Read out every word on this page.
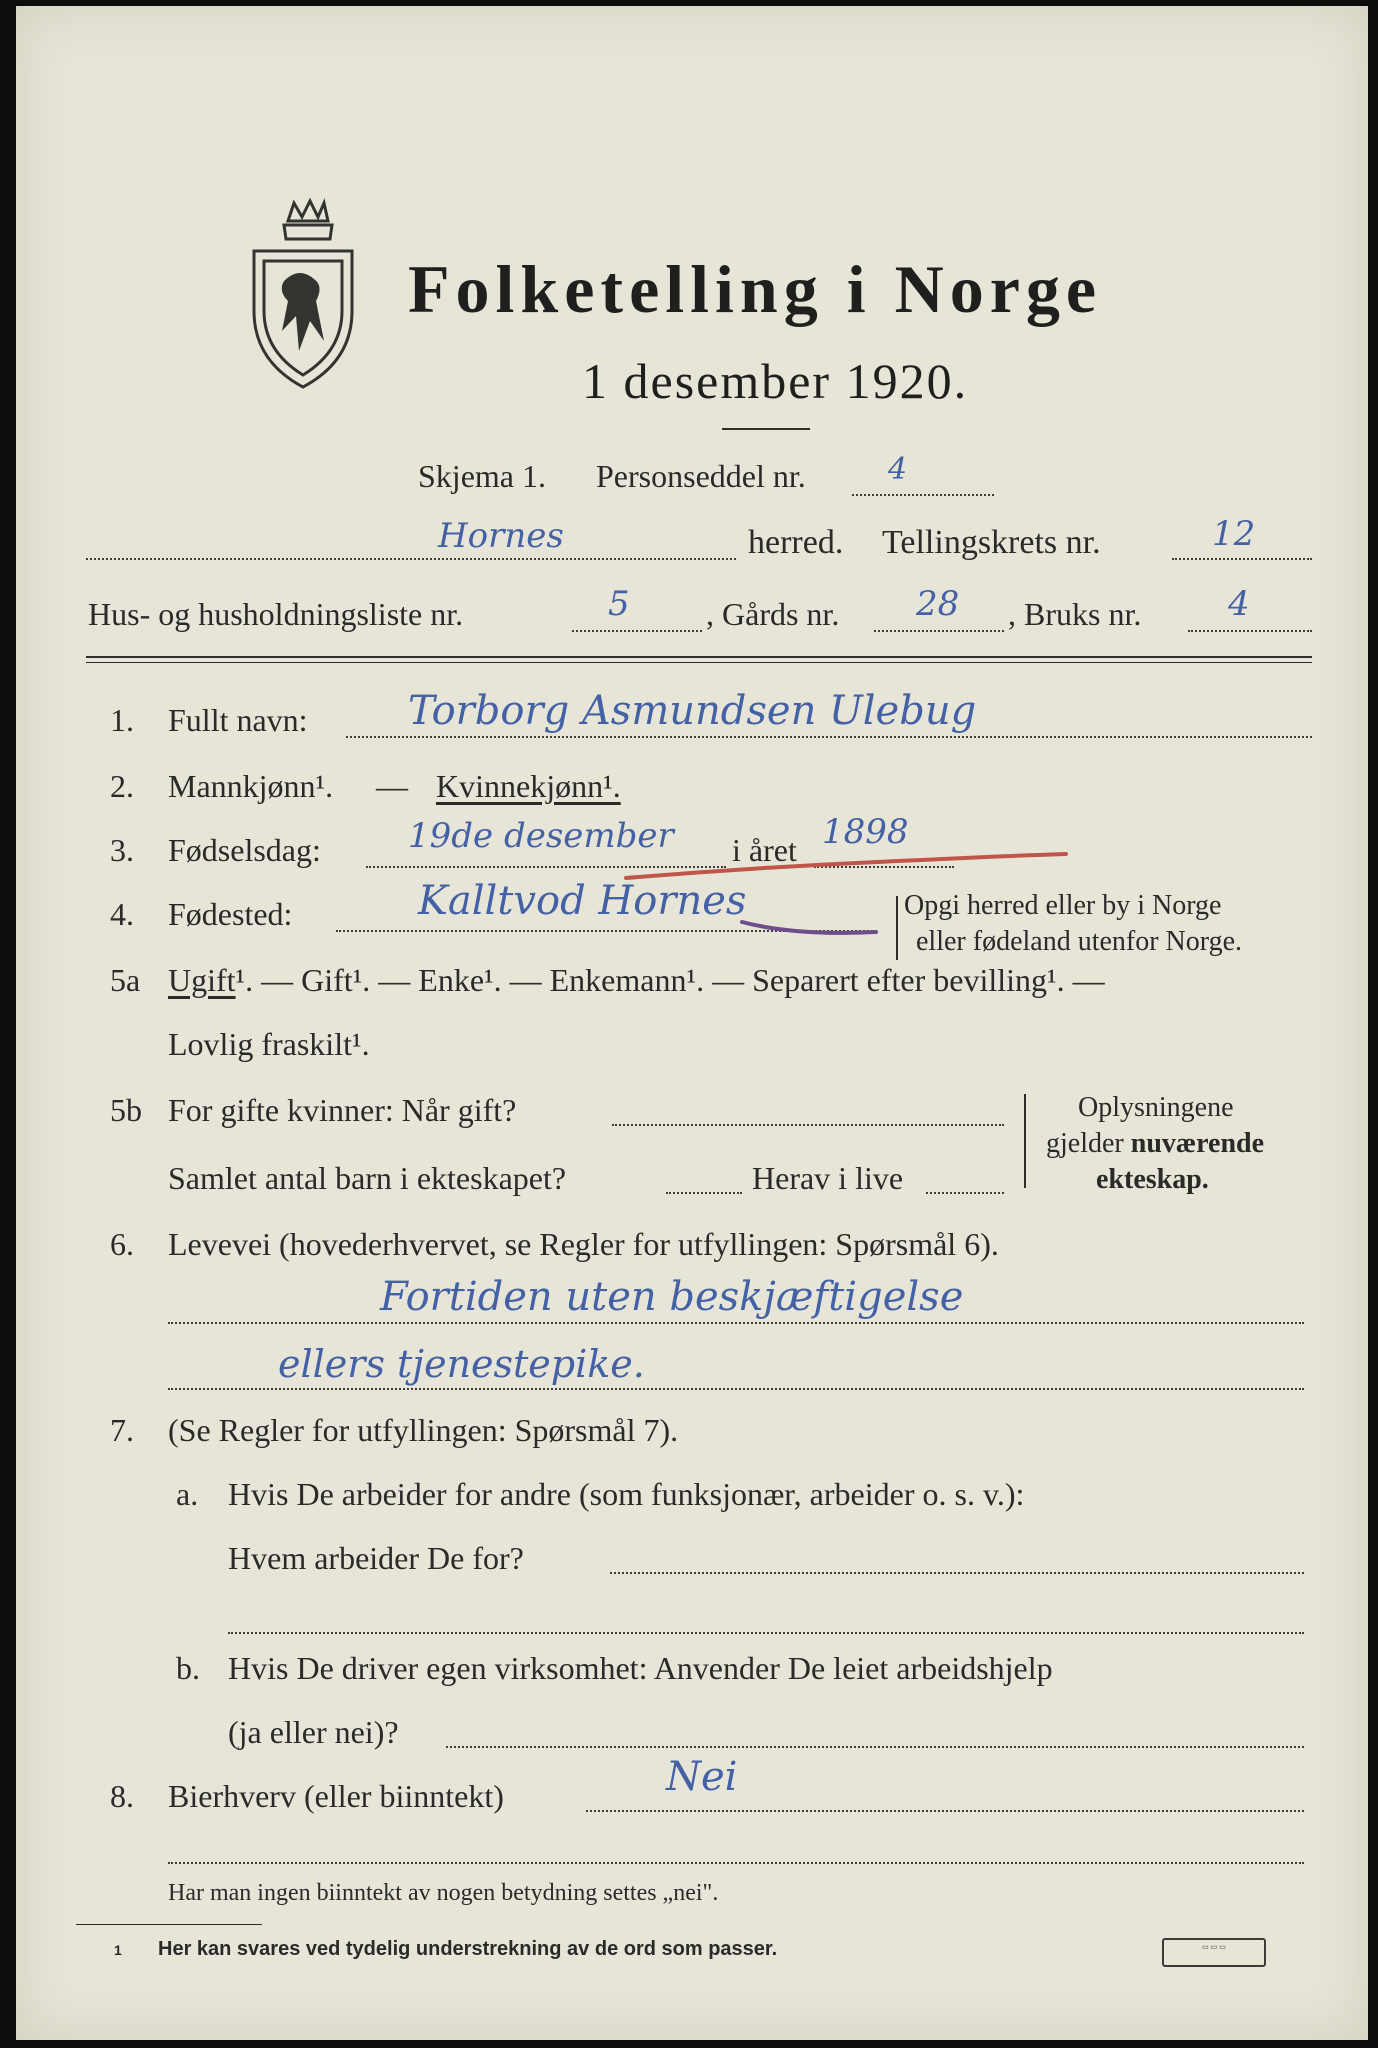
Folketelling i Norge
1 desember 1920.
Skjema 1. Personseddel nr.	4
Hornes	herred. Tellingskrets nr.	12
Hus- og husholdningsliste nr.	5 , Gårds nr. 28 , Bruks nr.	4
1. Fullt navn:	Torborg Asmundsen Ulebug
2. Mannkjønn¹. — Kvinnekjønn¹.
3. Fødselsdag:	19de desember i året 1898
4. Fødested:	Kalltvod Hornes	Opgi herred eller by i Norge
eller fødeland utenfor Norge.
5a Ugift¹. — Gift¹. — Enke¹. — Enkemann¹. — Separert efter bevilling¹. —
Lovlig fraskilt¹.
5b For gifte kvinner: Når gift?
Samlet antal barn i ekteskapet?	Herav i live
Oplysningene
gjelder nuværende
ekteskap.
6. Levevei (hovederhvervet, se Regler for utfyllingen: Spørsmål 6).
Fortiden uten beskjæftigelse
ellers tjenestepike.
7. (Se Regler for utfyllingen: Spørsmål 7).
a. Hvis De arbeider for andre (som funksjonær, arbeider o. s. v.):
Hvem arbeider De for?
b. Hvis De driver egen virksomhet: Anvender De leiet arbeidshjelp
(ja eller nei)?
8. Bierhverv (eller biinntekt)	Nei
Har man ingen biinntekt av nogen betydning settes „nei".
1 Her kan svares ved tydelig understrekning av de ord som passer.	▭ ▭ ▭
